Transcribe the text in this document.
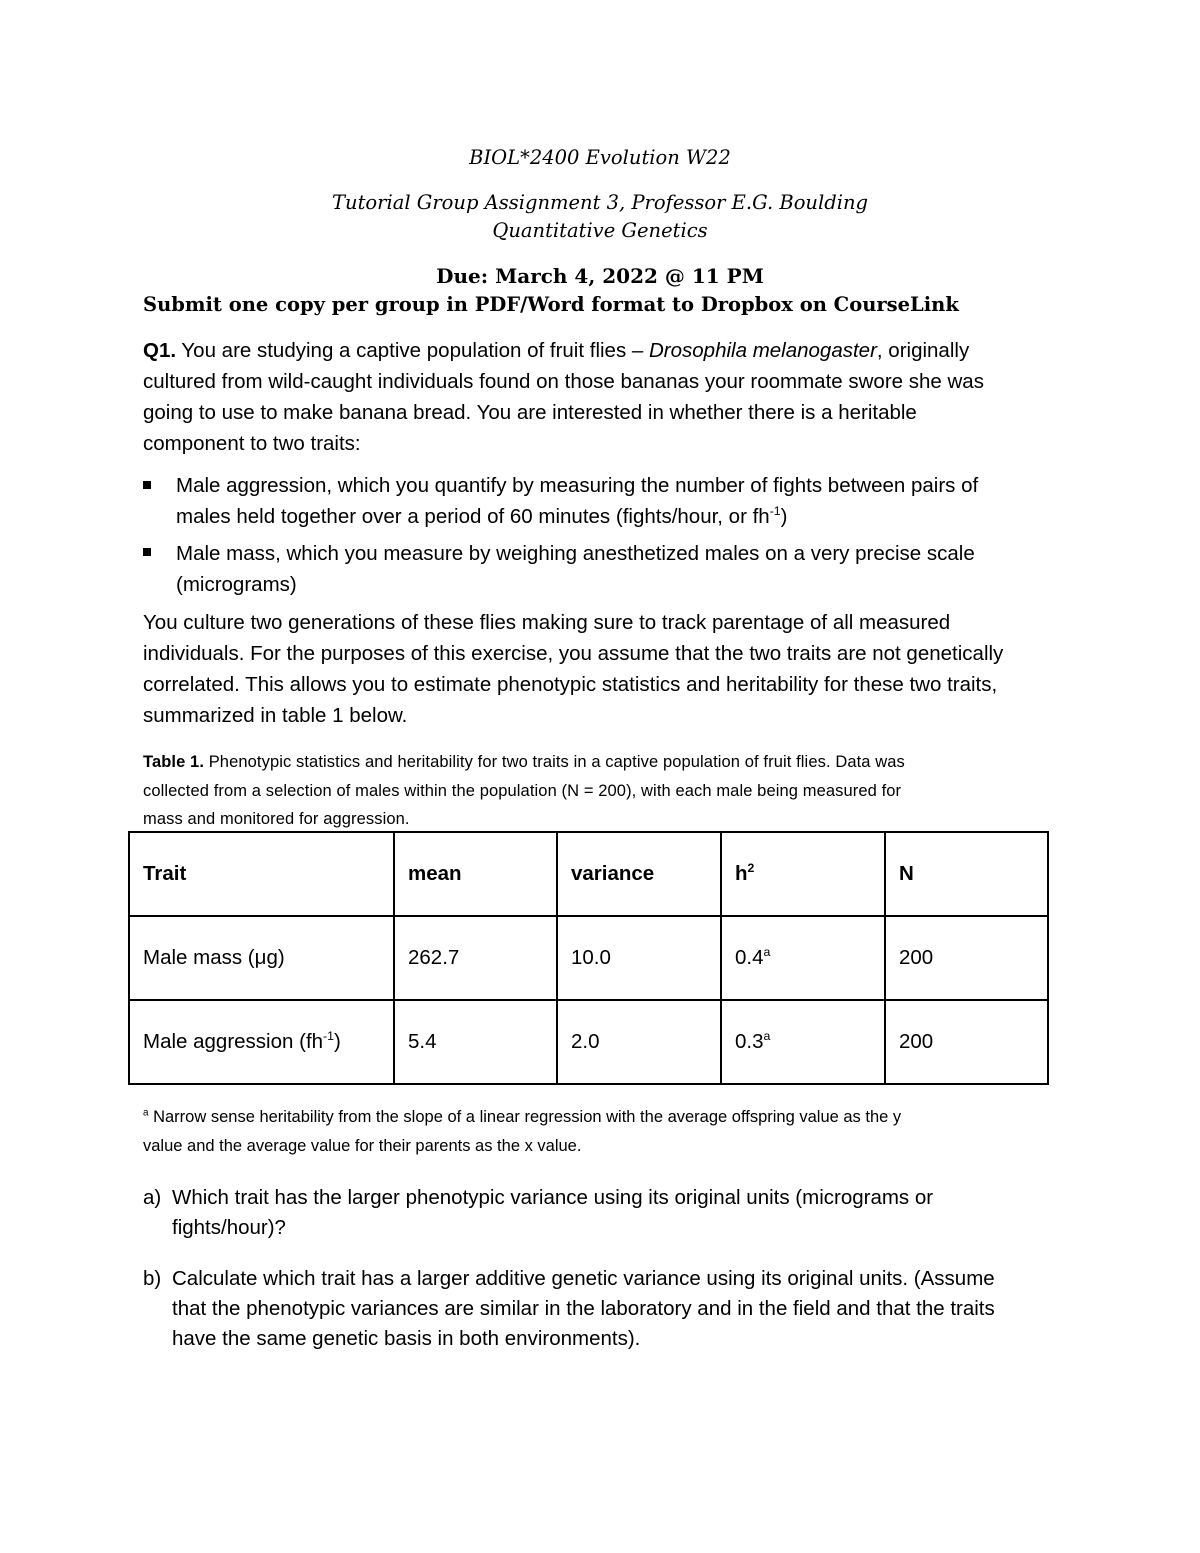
BIOL*2400 Evolution W22
Tutorial Group Assignment 3, Professor E.G. Boulding
Quantitative Genetics
Due: March 4, 2022 @ 11 PM
Submit one copy per group in PDF/Word format to Dropbox on CourseLink
Q1. You are studying a captive population of fruit flies – Drosophila melanogaster, originally
cultured from wild-caught individuals found on those bananas your roommate swore she was
going to use to make banana bread. You are interested in whether there is a heritable
component to two traits:
Male aggression, which you quantify by measuring the number of fights between pairs of
males held together over a period of 60 minutes (fights/hour, or $fh^{-1}$)
Male mass, which you measure by weighing anesthetized males on a very precise scale
(micrograms)
You culture two generations of these flies making sure to track parentage of all measured
individuals. For the purposes of this exercise, you assume that the two traits are not genetically
correlated. This allows you to estimate phenotypic statistics and heritability for these two traits,
summarized in table 1 below.
Table 1. Phenotypic statistics and heritability for two traits in a captive population of fruit flies. Data was
collected from a selection of males within the population (N = 200), with each male being measured for
mass and monitored for aggression.
Trait	mean	variance	$h^2$	N
Male mass (μg)	262.7	10.0	0.4$^a$	200
Male aggression $(fh^{-1})$	5.4	2.0	0.3$^a$	200
$^a$ Narrow sense heritability from the slope of a linear regression with the average offspring value as the y
value and the average value for their parents as the x value.
a) Which trait has the larger phenotypic variance using its original units (micrograms or
fights/hour)?
b) Calculate which trait has a larger additive genetic variance using its original units. (Assume
that the phenotypic variances are similar in the laboratory and in the field and that the traits
have the same genetic basis in both environments).
